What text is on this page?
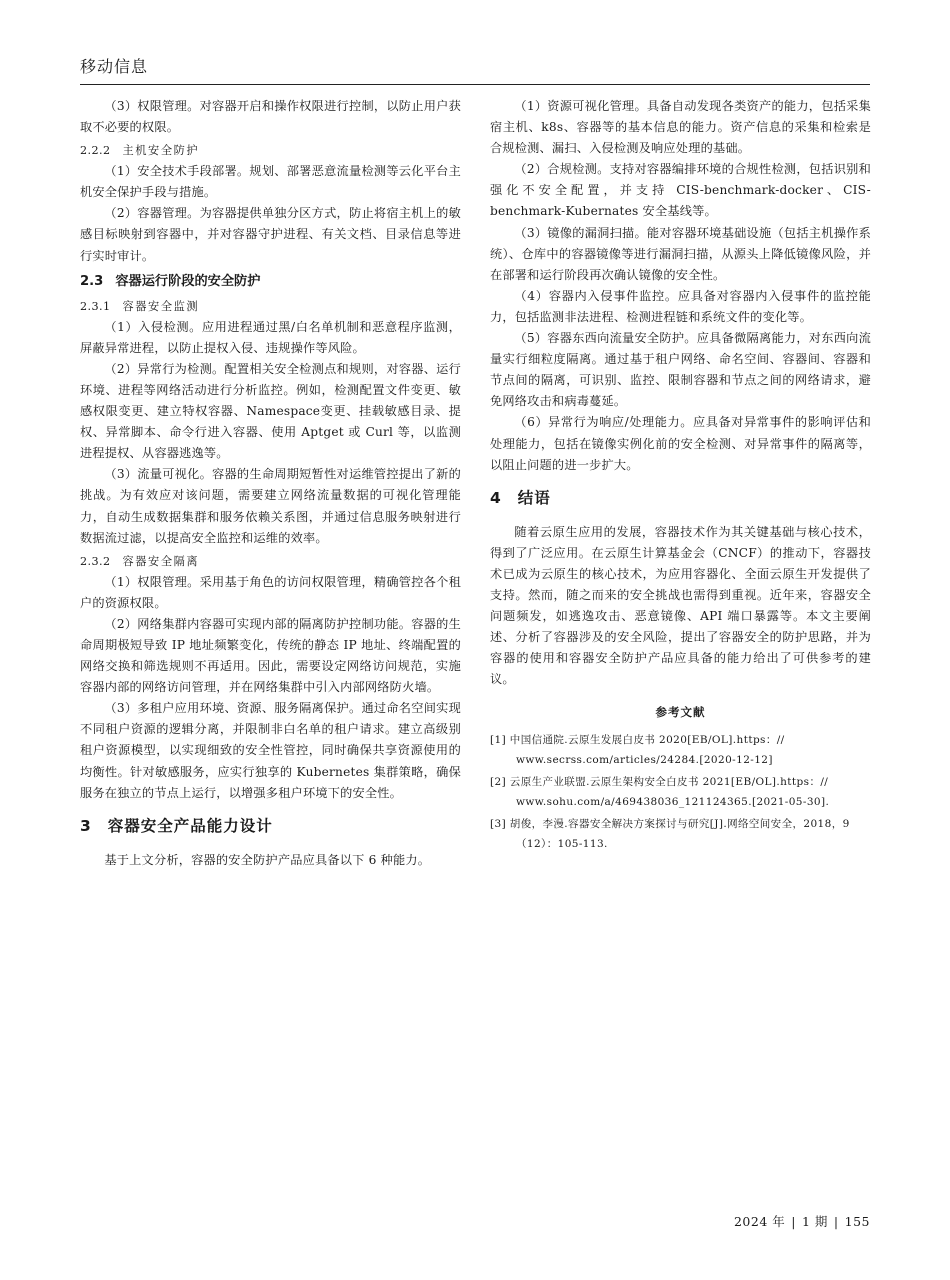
移动信息

（3）权限管理。对容器开启和操作权限进行控制，以防止用户获取不必要的权限。

2.2.2 主机安全防护

（1）安全技术手段部署。规划、部署恶意流量检测等云化平台主机安全保护手段与措施。

（2）容器管理。为容器提供单独分区方式，防止将宿主机上的敏感目标映射到容器中，并对容器守护进程、有关文档、目录信息等进行实时审计。

2.3 容器运行阶段的安全防护
2.3.1 容器安全监测

（1）入侵检测。应用进程通过黑/白名单机制和恶意程序监测，屏蔽异常进程，以防止提权入侵、违规操作等风险。

（2）异常行为检测。配置相关安全检测点和规则，对容器、运行环境、进程等网络活动进行分析监控。例如，检测配置文件变更、敏感权限变更、建立特权容器、Namespace变更、挂载敏感目录、提权、异常脚本、命令行进入容器、使用 Aptget 或 Curl 等，以监测进程提权、从容器逃逸等。

（3）流量可视化。容器的生命周期短暂性对运维管控提出了新的挑战。为有效应对该问题，需要建立网络流量数据的可视化管理能力，自动生成数据集群和服务依赖关系图，并通过信息服务映射进行数据流过滤，以提高安全监控和运维的效率。

2.3.2 容器安全隔离

（1）权限管理。采用基于角色的访问权限管理，精确管控各个租户的资源权限。

（2）网络集群内容器可实现内部的隔离防护控制功能。容器的生命周期极短导致 IP 地址频繁变化，传统的静态 IP 地址、终端配置的网络交换和筛选规则不再适用。因此，需要设定网络访问规范，实施容器内部的网络访问管理，并在网络集群中引入内部网络防火墙。

（3）多租户应用环境、资源、服务隔离保护。通过命名空间实现不同租户资源的逻辑分离，并限制非白名单的租户请求。建立高级别租户资源模型，以实现细致的安全性管控，同时确保共享资源使用的均衡性。针对敏感服务，应实行独享的 Kubernetes 集群策略，确保服务在独立的节点上运行，以增强多租户环境下的安全性。

3 容器安全产品能力设计

基于上文分析，容器的安全防护产品应具备以下 6 种能力。

（1）资源可视化管理。具备自动发现各类资产的能力，包括采集宿主机、k8s、容器等的基本信息的能力。资产信息的采集和检索是合规检测、漏扫、入侵检测及响应处理的基础。

（2）合规检测。支持对容器编排环境的合规性检测，包括识别和强化不安全配置，并支持 CIS-benchmark-docker、CIS-benchmark-Kubernates 安全基线等。

（3）镜像的漏洞扫描。能对容器环境基础设施（包括主机操作系统）、仓库中的容器镜像等进行漏洞扫描，从源头上降低镜像风险，并在部署和运行阶段再次确认镜像的安全性。

（4）容器内入侵事件监控。应具备对容器内入侵事件的监控能力，包括监测非法进程、检测进程链和系统文件的变化等。

（5）容器东西向流量安全防护。应具备微隔离能力，对东西向流量实行细粒度隔离。通过基于租户网络、命名空间、容器间、容器和节点间的隔离，可识别、监控、限制容器和节点之间的网络请求，避免网络攻击和病毒蔓延。

（6）异常行为响应/处理能力。应具备对异常事件的影响评估和处理能力，包括在镜像实例化前的安全检测、对异常事件的隔离等，以阻止问题的进一步扩大。

4 结语

随着云原生应用的发展，容器技术作为其关键基础与核心技术，得到了广泛应用。在云原生计算基金会（CNCF）的推动下，容器技术已成为云原生的核心技术，为应用容器化、全面云原生开发提供了支持。然而，随之而来的安全挑战也需得到重视。近年来，容器安全问题频发，如逃逸攻击、恶意镜像、API 端口暴露等。本文主要阐述、分析了容器涉及的安全风险，提出了容器安全的防护思路，并为容器的使用和容器安全防护产品应具备的能力给出了可供参考的建议。

参考文献

[1] 中国信通院.云原生发展白皮书 2020[EB/OL].https：// www.secrss.com/articles/24284.[2020-12-12]

[2] 云原生产业联盟.云原生架构安全白皮书 2021[EB/OL].https：// www.sohu.com/a/469438036_121124365.[2021-05-30].

[3] 胡俊，李漫.容器安全解决方案探讨与研究[J].网络空间安全，2018，9（12）：105-113.

2024 年 | 1 期 | 155
